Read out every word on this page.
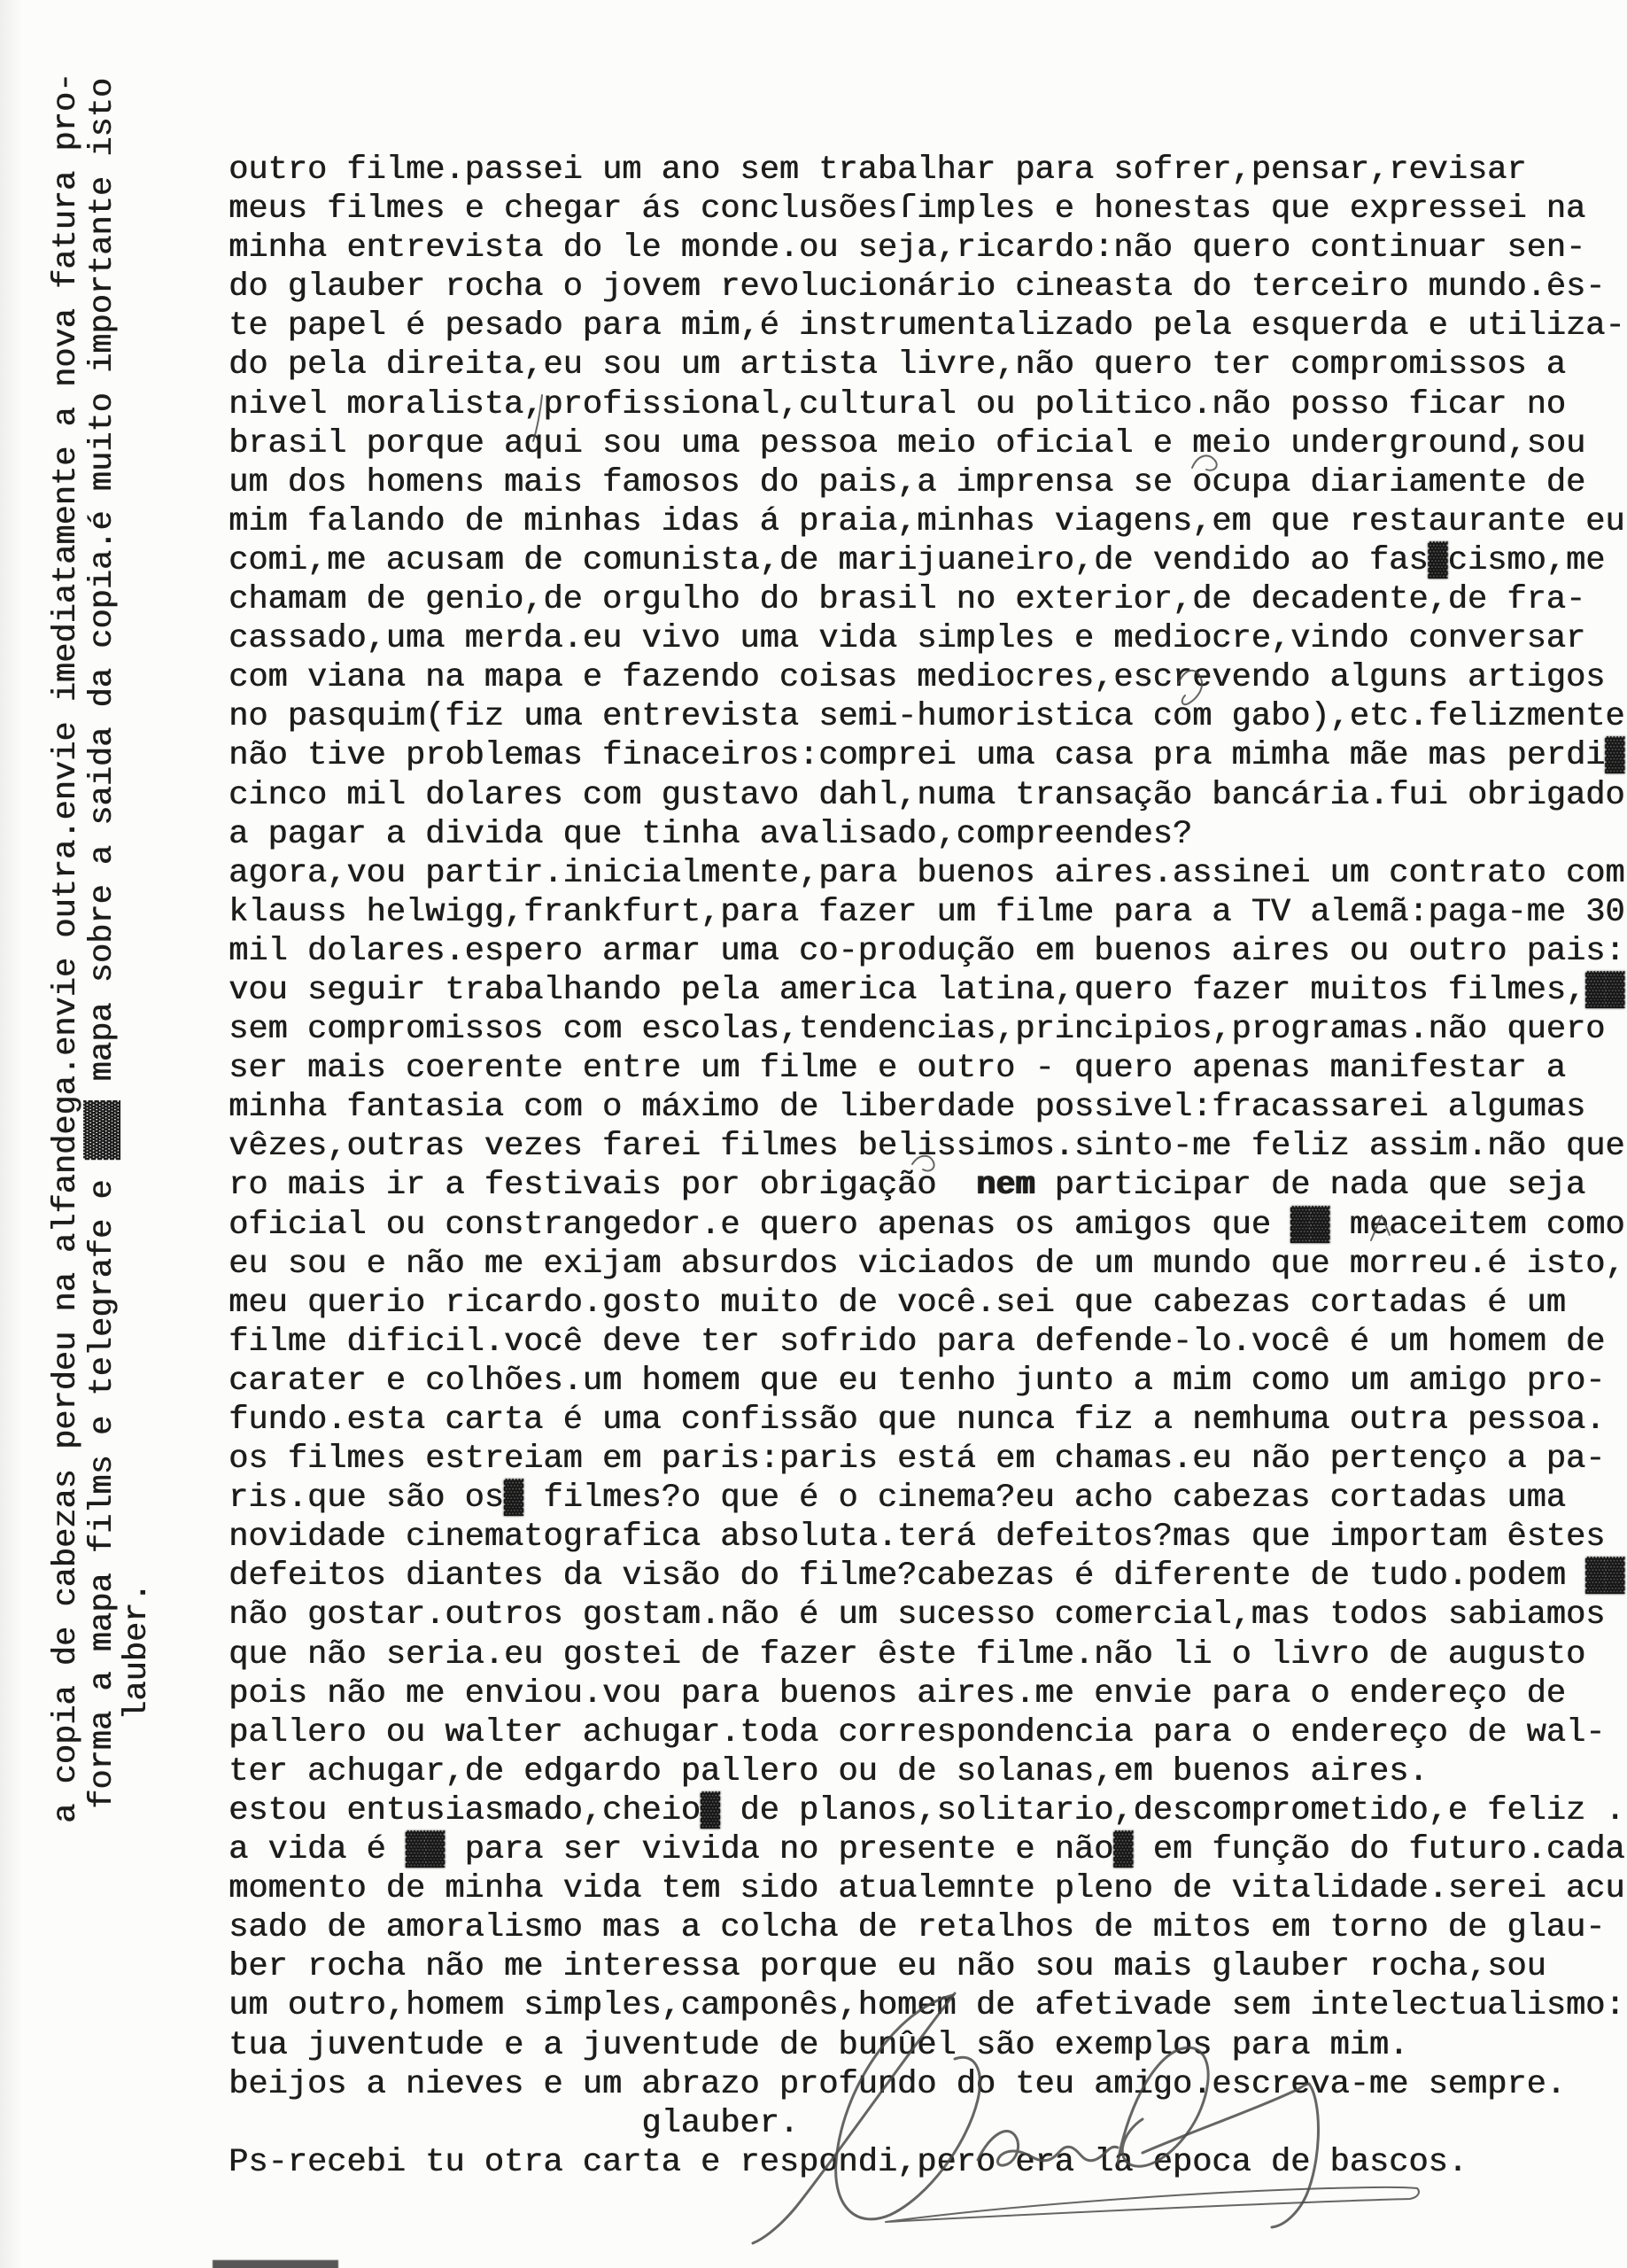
a copia de cabezas perdeu na alfandega.envie outra.envie imediatamente a nova fatura pro- forma a mapa films e telegrafe e ▓▓▓ mapa sobre a saida da copia.é muito importante isto
lauber.
outro filme.passei um ano sem trabalhar para sofrer,pensar,revisar
meus filmes e chegar ás conclusõesſimples e honestas que expressei na
minha entrevista do le monde.ou seja,ricardo:não quero continuar sen-
do glauber rocha o jovem revolucionário cineasta do terceiro mundo.ês-
te papel é pesado para mim,é instrumentalizado pela esquerda e utiliza-
do pela direita,eu sou um artista livre,não quero ter compromissos a
nivel moralista,profissional,cultural ou politico.não posso ficar no
brasil porque aqui sou uma pessoa meio oficial e meio underground,sou
um dos homens mais famosos do pais,a imprensa se ocupa diariamente de
mim falando de minhas idas á praia,minhas viagens,em que restaurante eu
comi,me acusam de comunista,de marijuaneiro,de vendido ao fas▓cismo,me
chamam de genio,de orgulho do brasil no exterior,de decadente,de fra-
cassado,uma merda.eu vivo uma vida simples e mediocre,vindo conversar
com viana na mapa e fazendo coisas mediocres,escrevendo alguns artigos
no pasquim(fiz uma entrevista semi-humoristica com gabo),etc.felizmente
não tive problemas finaceiros:comprei uma casa pra mimha mãe mas perdi▓
cinco mil dolares com gustavo dahl,numa transação bancária.fui obrigado
a pagar a divida que tinha avalisado,compreendes?
agora,vou partir.inicialmente,para buenos aires.assinei um contrato com
klauss helwigg,frankfurt,para fazer um filme para a TV alemã:paga-me 30
mil dolares.espero armar uma co-produção em buenos aires ou outro pais:
vou seguir trabalhando pela america latina,quero fazer muitos filmes,▓▓
sem compromissos com escolas,tendencias,principios,programas.não quero
ser mais coerente entre um filme e outro - quero apenas manifestar a
minha fantasia com o máximo de liberdade possivel:fracassarei algumas
vêzes,outras vezes farei filmes belissimos.sinto-me feliz assim.não que
ro mais ir a festivais por obrigação  nem participar de nada que seja
oficial ou constrangedor.e quero apenas os amigos que ▓▓ meaceitem como
eu sou e não me exijam absurdos viciados de um mundo que morreu.é isto,
meu querio ricardo.gosto muito de você.sei que cabezas cortadas é um
filme dificil.você deve ter sofrido para defende-lo.você é um homem de
carater e colhões.um homem que eu tenho junto a mim como um amigo pro-
fundo.esta carta é uma confissão que nunca fiz a nemhuma outra pessoa.
os filmes estreiam em paris:paris está em chamas.eu não pertenço a pa-
ris.que são os▓ filmes?o que é o cinema?eu acho cabezas cortadas uma
novidade cinematografica absoluta.terá defeitos?mas que importam êstes
defeitos diantes da visão do filme?cabezas é diferente de tudo.podem ▓▓
não gostar.outros gostam.não é um sucesso comercial,mas todos sabiamos
que não seria.eu gostei de fazer êste filme.não li o livro de augusto
pois não me enviou.vou para buenos aires.me envie para o endereço de
pallero ou walter achugar.toda correspondencia para o endereço de wal-
ter achugar,de edgardo pallero ou de solanas,em buenos aires.
estou entusiasmado,cheio▓ de planos,solitario,descomprometido,e feliz .
a vida é ▓▓ para ser vivida no presente e não▓ em função do futuro.cada
momento de minha vida tem sido atualemnte pleno de vitalidade.serei acu
sado de amoralismo mas a colcha de retalhos de mitos em torno de glau-
ber rocha não me interessa porque eu não sou mais glauber rocha,sou
um outro,homem simples,camponês,homem de afetivade sem intelectualismo:
tua juventude e a juventude de bunûel são exemplos para mim.
beijos a nieves e um abrazo profundo do teu amigo.escreva-me sempre.
glauber.
Ps-recebi tu otra carta e respondi,pero era la epoca de bascos.
